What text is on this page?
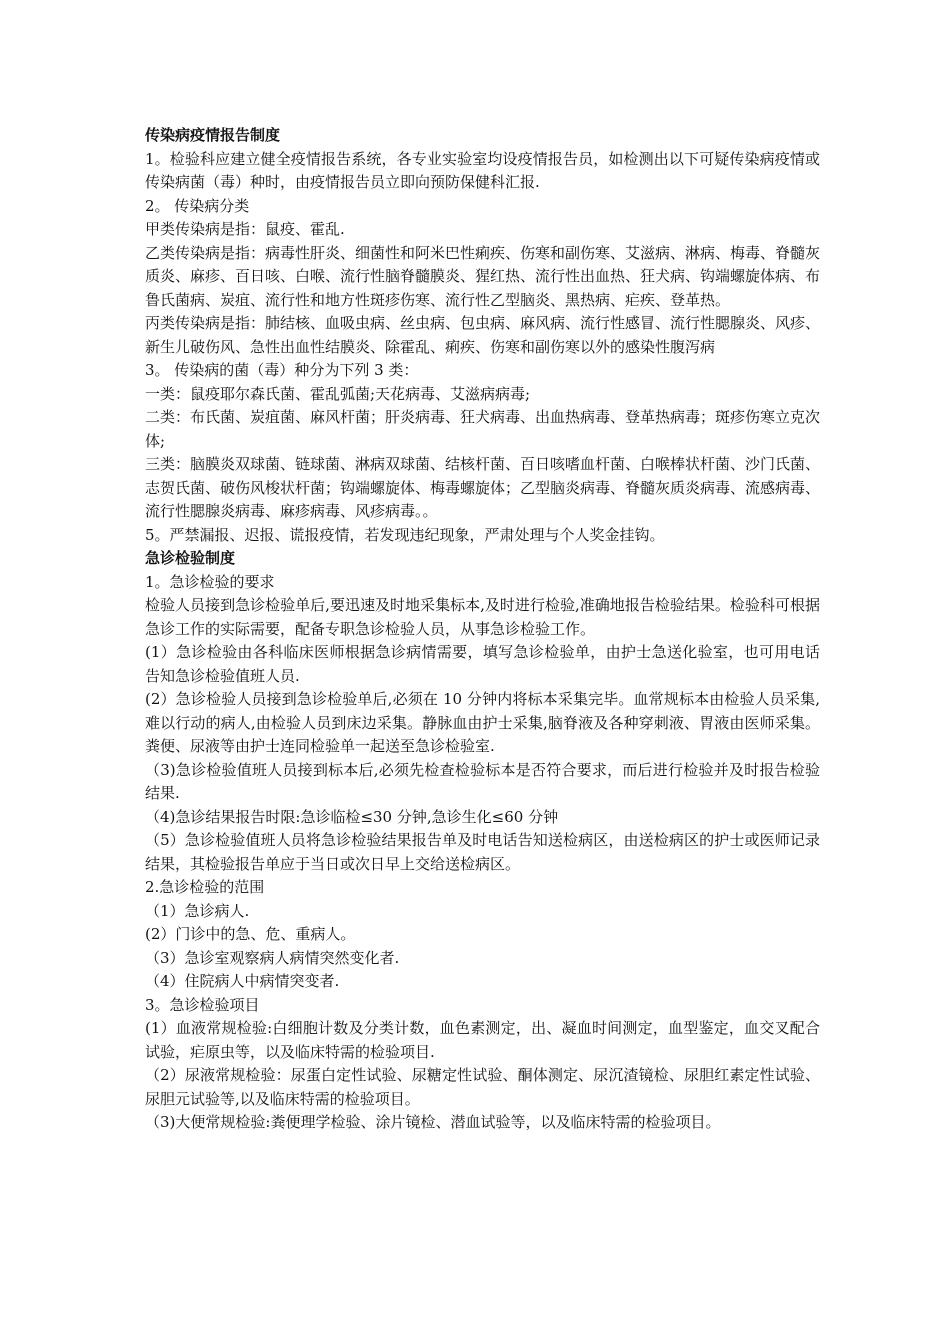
传染病疫情报告制度

1。检验科应建立健全疫情报告系统，各专业实验室均设疫情报告员，如检测出以下可疑传染病疫情或传染病菌（毒）种时，由疫情报告员立即向预防保健科汇报.

2。 传染病分类

甲类传染病是指：鼠疫、霍乱.

乙类传染病是指：病毒性肝炎、细菌性和阿米巴性痢疾、伤寒和副伤寒、艾滋病、淋病、梅毒、脊髓灰质炎、麻疹、百日咳、白喉、流行性脑脊髓膜炎、猩红热、流行性出血热、狂犬病、钩端螺旋体病、布鲁氏菌病、炭疽、流行性和地方性斑疹伤寒、流行性乙型脑炎、黑热病、疟疾、登革热。

丙类传染病是指：肺结核、血吸虫病、丝虫病、包虫病、麻风病、流行性感冒、流行性腮腺炎、风疹、新生儿破伤风、急性出血性结膜炎、除霍乱、痢疾、伤寒和副伤寒以外的感染性腹泻病

3。 传染病的菌（毒）种分为下列 3 类：

一类：鼠疫耶尔森氏菌、霍乱弧菌;天花病毒、艾滋病病毒;

二类：布氏菌、炭疽菌、麻风杆菌；肝炎病毒、狂犬病毒、出血热病毒、登革热病毒；斑疹伤寒立克次体;

三类：脑膜炎双球菌、链球菌、淋病双球菌、结核杆菌、百日咳嗜血杆菌、白喉棒状杆菌、沙门氏菌、志贺氏菌、破伤风梭状杆菌；钩端螺旋体、梅毒螺旋体；乙型脑炎病毒、脊髓灰质炎病毒、流感病毒、流行性腮腺炎病毒、麻疹病毒、风疹病毒。。

5。严禁漏报、迟报、谎报疫情，若发现违纪现象，严肃处理与个人奖金挂钩。

急诊检验制度

1。急诊检验的要求

检验人员接到急诊检验单后,要迅速及时地采集标本,及时进行检验,准确地报告检验结果。检验科可根据急诊工作的实际需要，配备专职急诊检验人员，从事急诊检验工作。

(1）急诊检验由各科临床医师根据急诊病情需要，填写急诊检验单，由护士急送化验室，也可用电话告知急诊检验值班人员.

(2）急诊检验人员接到急诊检验单后,必须在 10 分钟内将标本采集完毕。血常规标本由检验人员采集,难以行动的病人,由检验人员到床边采集。静脉血由护士采集,脑脊液及各种穿刺液、胃液由医师采集。粪便、尿液等由护士连同检验单一起送至急诊检验室.

（3)急诊检验值班人员接到标本后,必须先检查检验标本是否符合要求，而后进行检验并及时报告检验结果.

（4)急诊结果报告时限:急诊临检≤30 分钟,急诊生化≤60 分钟

（5）急诊检验值班人员将急诊检验结果报告单及时电话告知送检病区，由送检病区的护士或医师记录结果，其检验报告单应于当日或次日早上交给送检病区。

2.急诊检验的范围

（1）急诊病人.

(2）门诊中的急、危、重病人。

（3）急诊室观察病人病情突然变化者.

（4）住院病人中病情突变者.

3。急诊检验项目

(1）血液常规检验:白细胞计数及分类计数，血色素测定，出、凝血时间测定，血型鉴定，血交叉配合试验，疟原虫等，以及临床特需的检验项目.

（2）尿液常规检验：尿蛋白定性试验、尿糖定性试验、酮体测定、尿沉渣镜检、尿胆红素定性试验、尿胆元试验等,以及临床特需的检验项目。

（3)大便常规检验:粪便理学检验、涂片镜检、潜血试验等，以及临床特需的检验项目。
